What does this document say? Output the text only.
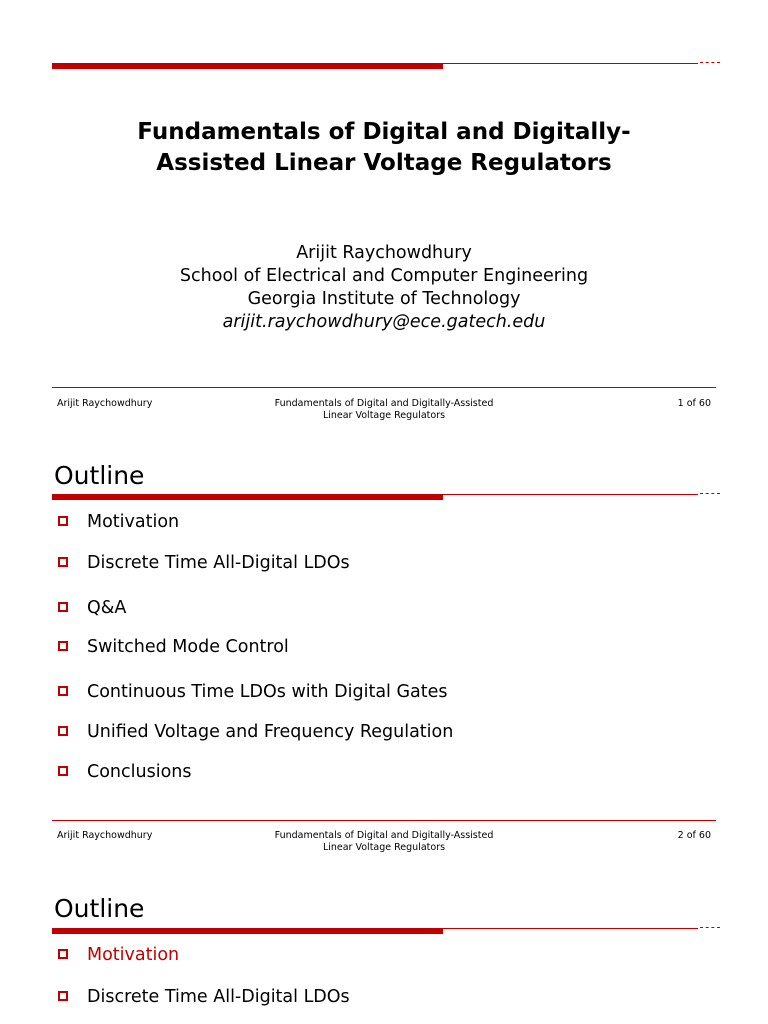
Fundamentals of Digital and Digitally-
Assisted Linear Voltage Regulators
Arijit Raychowdhury
School of Electrical and Computer Engineering
Georgia Institute of Technology
arijit.raychowdhury@ece.gatech.edu
Arijit Raychowdhury	Fundamentals of Digital and Digitally-Assisted
Linear Voltage Regulators
1 of 60
Outline
Motivation
Discrete Time All-Digital LDOs
Q&A
Switched Mode Control
Continuous Time LDOs with Digital Gates
Unified Voltage and Frequency Regulation
Conclusions
Arijit Raychowdhury	Fundamentals of Digital and Digitally-Assisted
Linear Voltage Regulators
2 of 60
Outline
Motivation
Discrete Time All-Digital LDOs
